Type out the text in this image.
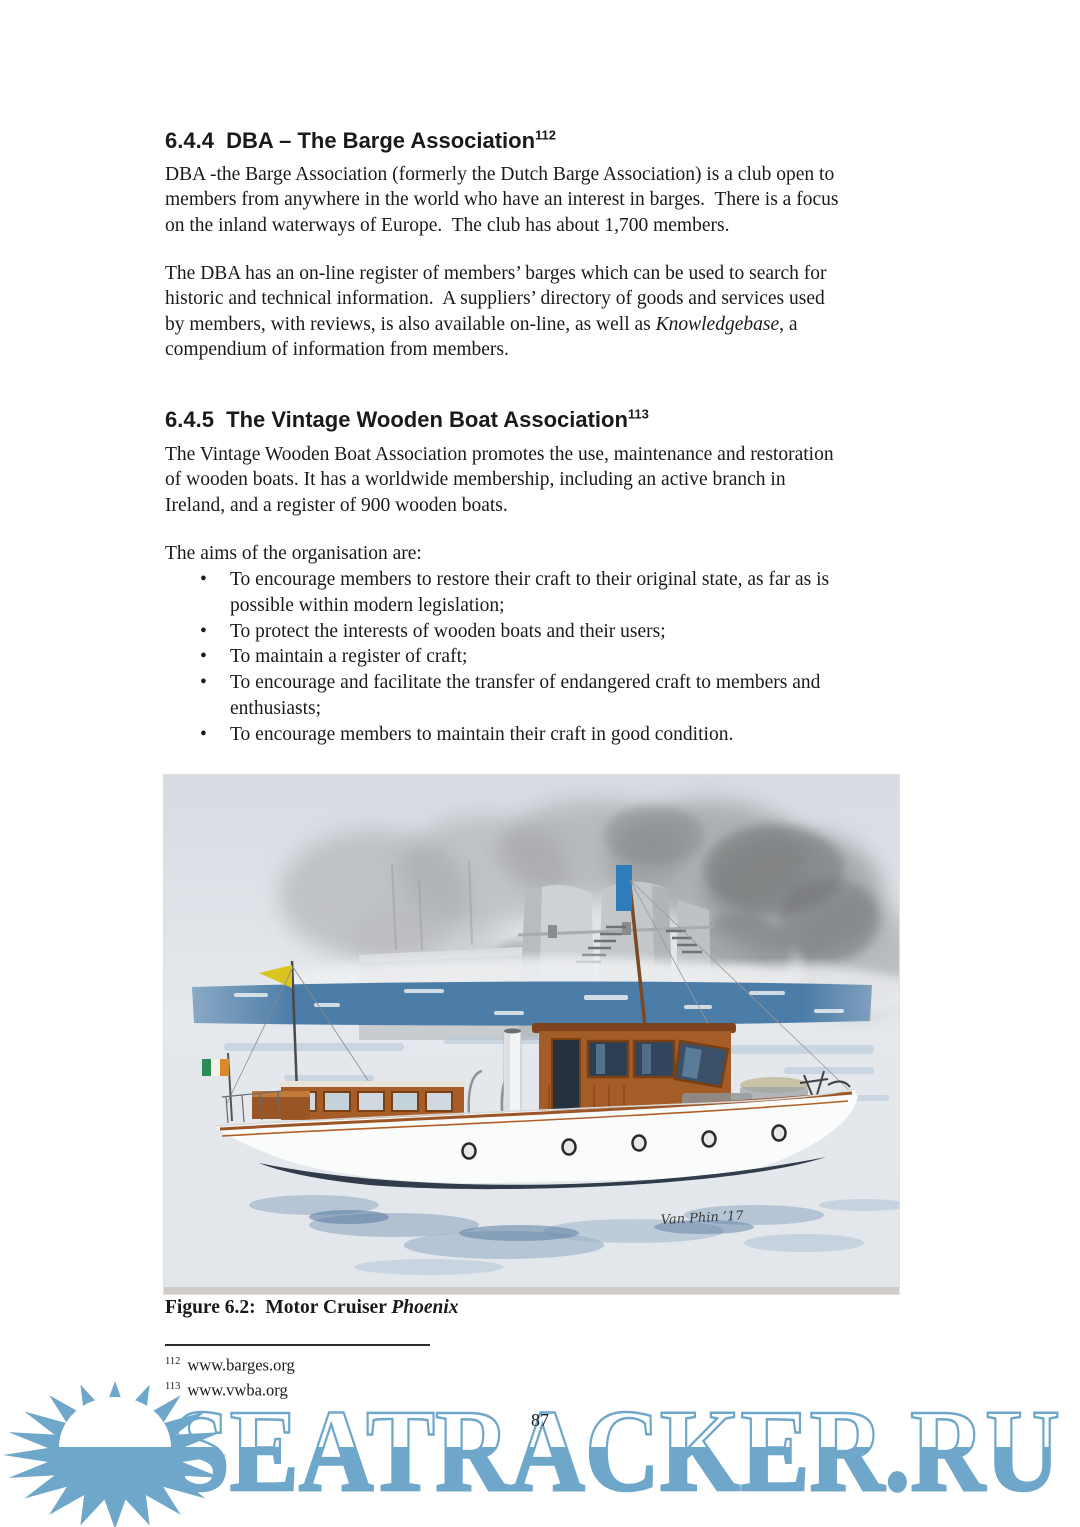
6.4.4  DBA – The Barge Association$^{112}$
DBA -the Barge Association (formerly the Dutch Barge Association) is a club open to
members from anywhere in the world who have an interest in barges.  There is a focus
on the inland waterways of Europe.  The club has about 1,700 members.
The DBA has an on-line register of members’ barges which can be used to search for
historic and technical information.  A suppliers’ directory of goods and services used
by members, with reviews, is also available on-line, as well as Knowledgebase, a
compendium of information from members.
6.4.5  The Vintage Wooden Boat Association$^{113}$
The Vintage Wooden Boat Association promotes the use, maintenance and restoration
of wooden boats. It has a worldwide membership, including an active branch in
Ireland, and a register of 900 wooden boats.
The aims of the organisation are:
• To encourage members to restore their craft to their original state, as far as is
possible within modern legislation;
• To protect the interests of wooden boats and their users;
• To maintain a register of craft;
• To encourage and facilitate the transfer of endangered craft to members and
enthusiasts;
• To encourage members to maintain their craft in good condition.
Van Phin ’17
Figure 6.2:  Motor Cruiser Phoenix
$^{112}$ www.barges.org
$^{113}$ www.vwba.org
87
SEATRACKER.RU
